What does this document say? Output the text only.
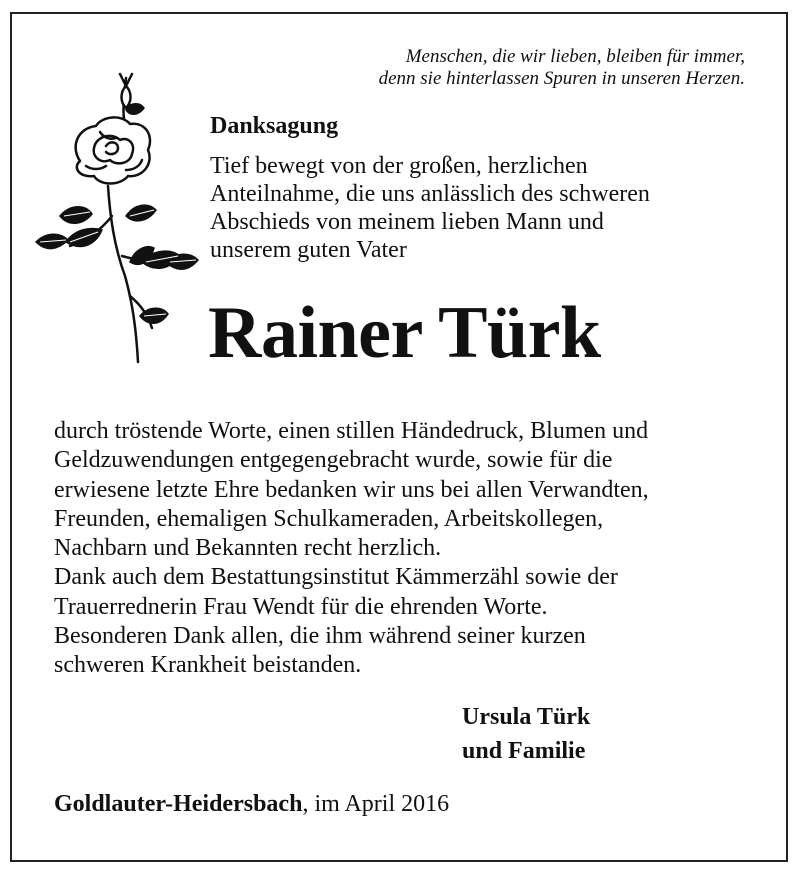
Menschen, die wir lieben, bleiben für immer,
denn sie hinterlassen Spuren in unseren Herzen.
Danksagung
Tief bewegt von der großen, herzlichen
Anteilnahme, die uns anlässlich des schweren
Abschieds von meinem lieben Mann und
unserem guten Vater
Rainer Türk
durch tröstende Worte, einen stillen Händedruck, Blumen und
Geldzuwendungen entgegengebracht wurde, sowie für die
erwiesene letzte Ehre bedanken wir uns bei allen Verwandten,
Freunden, ehemaligen Schulkameraden, Arbeitskollegen,
Nachbarn und Bekannten recht herzlich.
Dank auch dem Bestattungsinstitut Kämmerzähl sowie der
Trauerrednerin Frau Wendt für die ehrenden Worte.
Besonderen Dank allen, die ihm während seiner kurzen
schweren Krankheit beistanden.
Ursula Türk
und Familie
Goldlauter-Heidersbach, im April 2016
